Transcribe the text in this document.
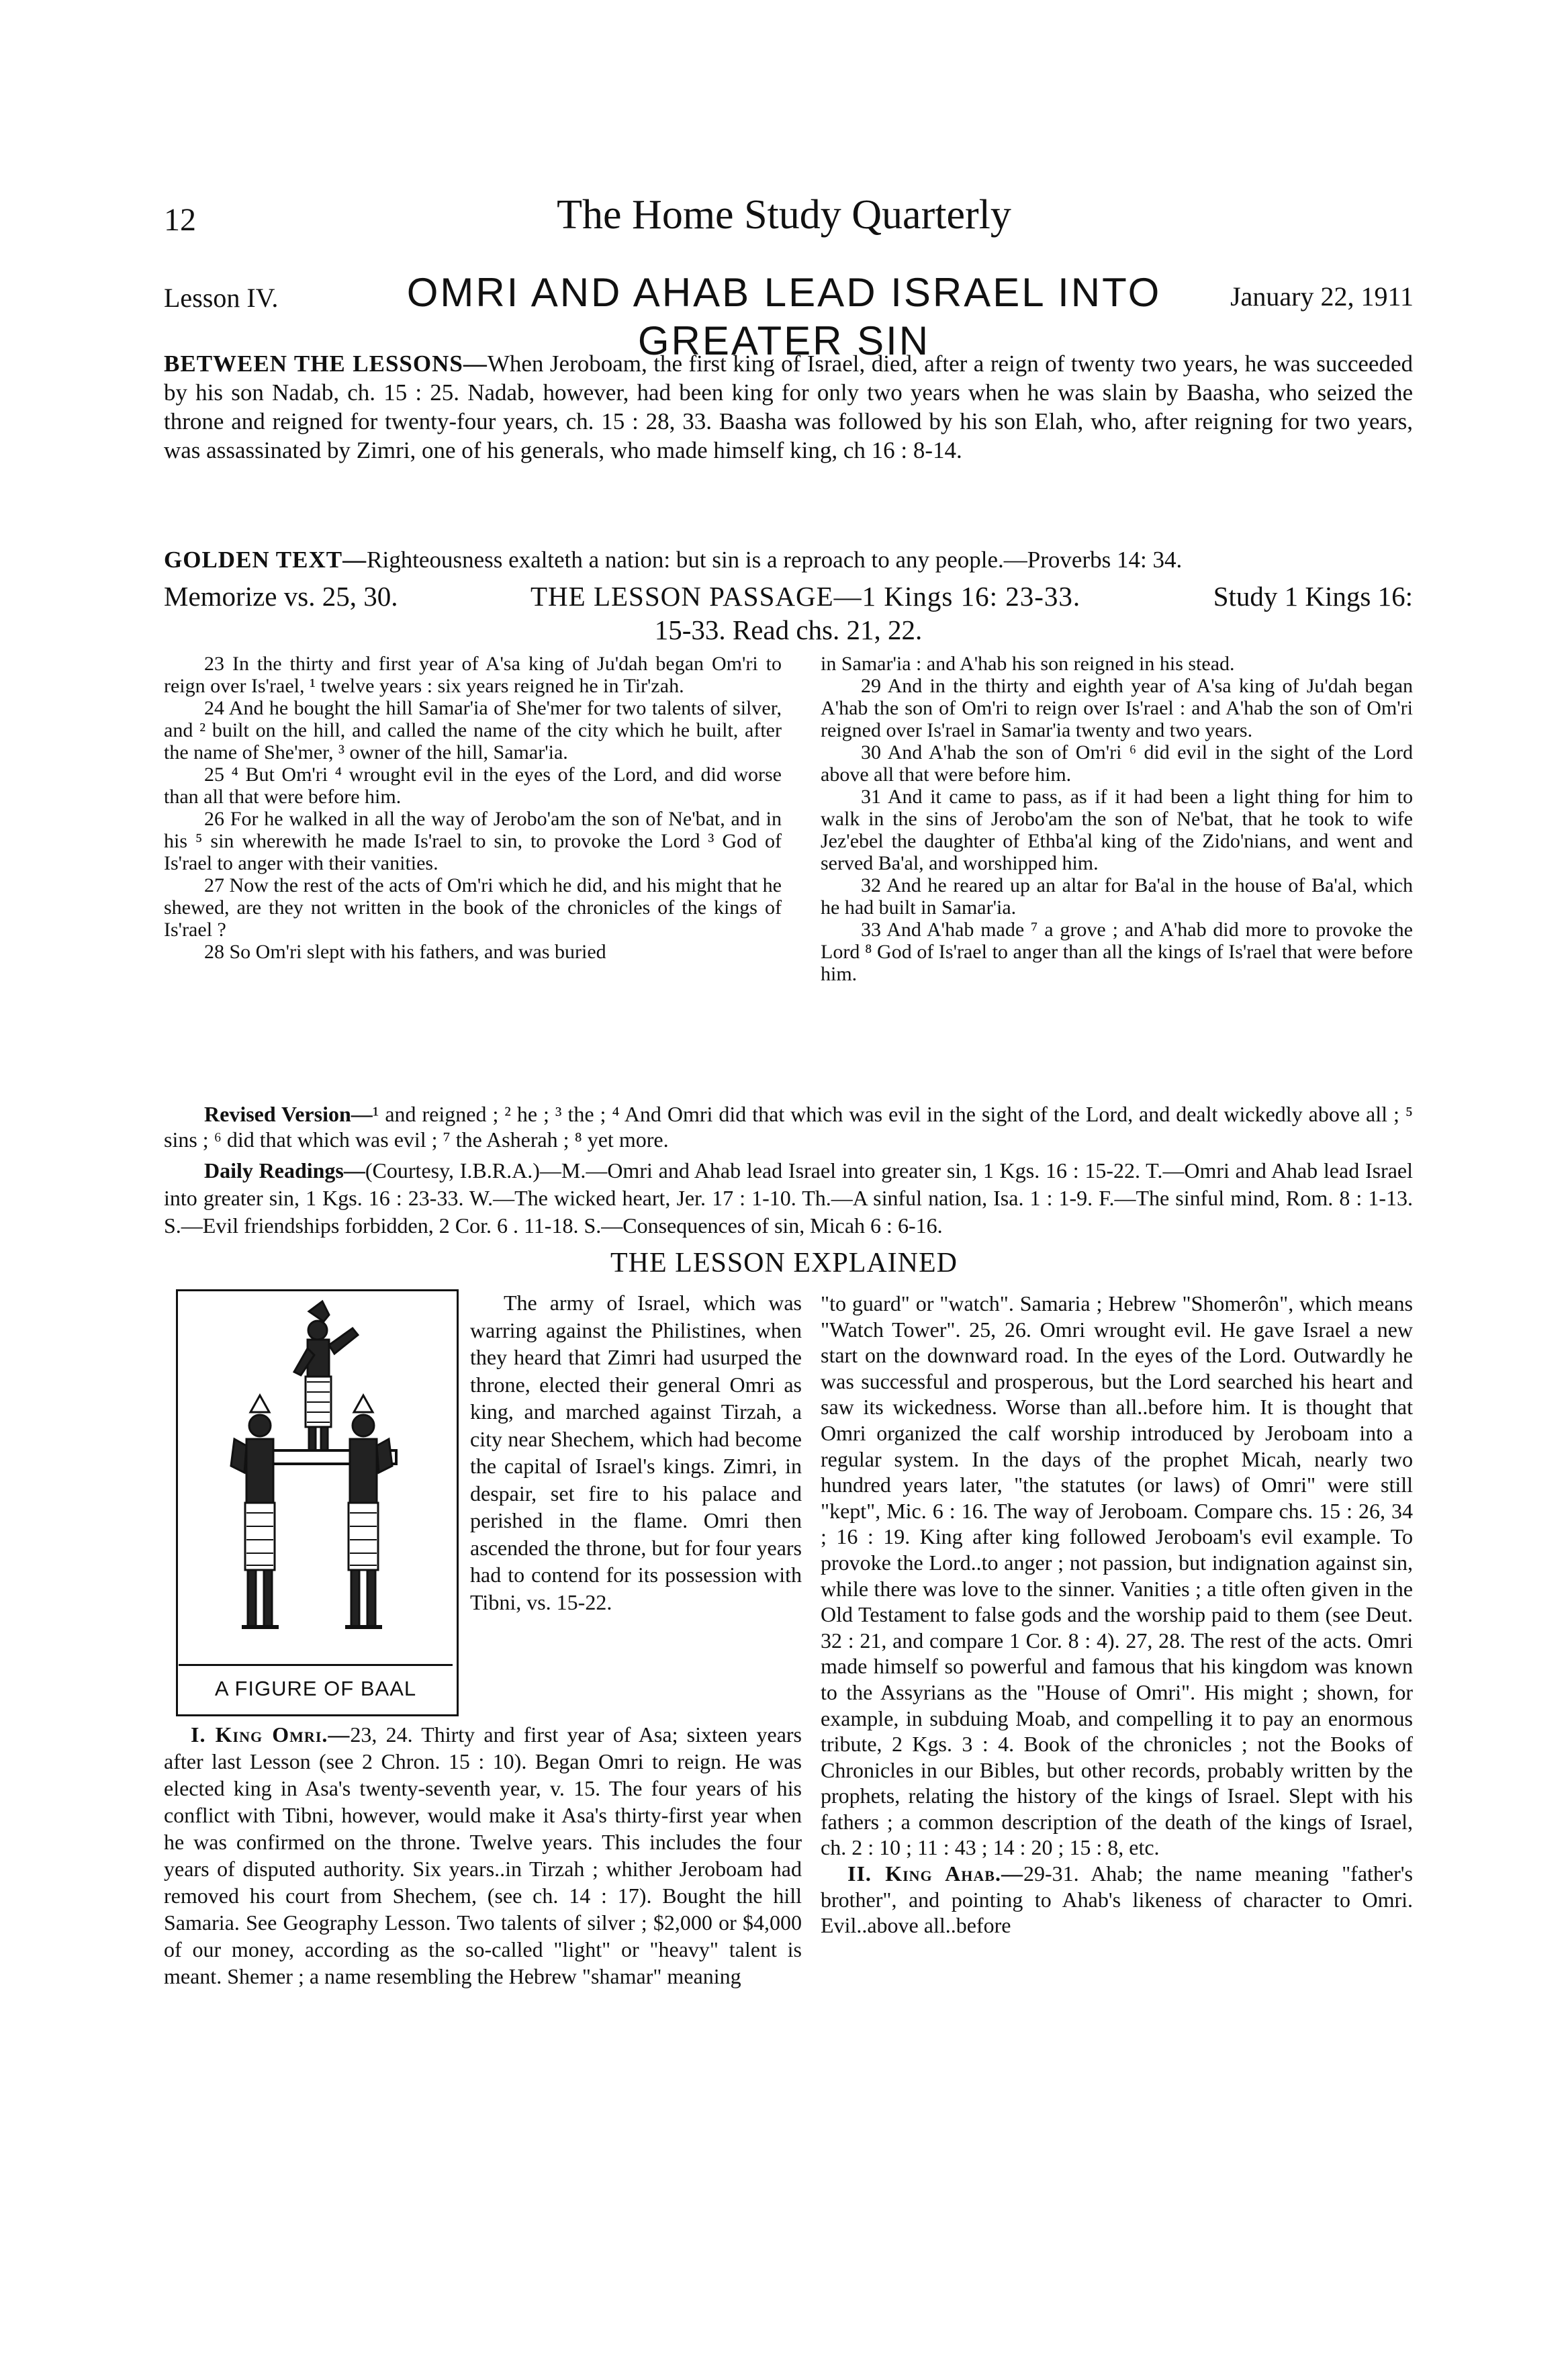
12	The Home Study Quarterly
Lesson IV.	January 22, 1911
OMRI AND AHAB LEAD ISRAEL INTO
GREATER SIN
BETWEEN THE LESSONS—When Jeroboam, the first king of Israel, died, after a reign of twenty two years, he was succeeded by his son Nadab, ch. 15 : 25. Nadab, however, had been king for only two years when he was slain by Baasha, who seized the throne and reigned for twenty-four years, ch. 15 : 28, 33. Baasha was followed by his son Elah, who, after reigning for two years, was assassinated by Zimri, one of his generals, who made himself king, ch 16 : 8-14.
GOLDEN TEXT—Righteousness exalteth a nation: but sin is a reproach to any people.—Proverbs 14: 34.
Memorize vs. 25, 30.	THE LESSON PASSAGE—1 Kings 16: 23-33.	Study 1 Kings 16:
15-33. Read chs. 21, 22.

23 In the thirty and first year of A'sa king of Ju'dah began Om'ri to reign over Is'rael, ¹ twelve years : six years reigned he in Tir'zah.

24 And he bought the hill Samar'ia of She'mer for two talents of silver, and ² built on the hill, and called the name of the city which he built, after the name of She'mer, ³ owner of the hill, Samar'ia.

25 ⁴ But Om'ri ⁴ wrought evil in the eyes of the Lord, and did worse than all that were before him.

26 For he walked in all the way of Jerobo'am the son of Ne'bat, and in his ⁵ sin wherewith he made Is'rael to sin, to provoke the Lord ³ God of Is'rael to anger with their vanities.

27 Now the rest of the acts of Om'ri which he did, and his might that he shewed, are they not written in the book of the chronicles of the kings of Is'rael ?

28 So Om'ri slept with his fathers, and was buried

in Samar'ia : and A'hab his son reigned in his stead.

29 And in the thirty and eighth year of A'sa king of Ju'dah began A'hab the son of Om'ri to reign over Is'rael : and A'hab the son of Om'ri reigned over Is'rael in Samar'ia twenty and two years.

30 And A'hab the son of Om'ri ⁶ did evil in the sight of the Lord above all that were before him.

31 And it came to pass, as if it had been a light thing for him to walk in the sins of Jerobo'am the son of Ne'bat, that he took to wife Jez'ebel the daughter of Ethba'al king of the Zido'nians, and went and served Ba'al, and worshipped him.

32 And he reared up an altar for Ba'al in the house of Ba'al, which he had built in Samar'ia.

33 And A'hab made ⁷ a grove ; and A'hab did more to provoke the Lord ⁸ God of Is'rael to anger than all the kings of Is'rael that were before him.

Revised Version—¹ and reigned ; ² he ; ³ the ; ⁴ And Omri did that which was evil in the sight of the Lord, and dealt wickedly above all ; ⁵ sins ; ⁶ did that which was evil ; ⁷ the Asherah ; ⁸ yet more.
Daily Readings—(Courtesy, I.B.R.A.)—M.—Omri and Ahab lead Israel into greater sin, 1 Kgs. 16 : 15-22. T.—Omri and Ahab lead Israel into greater sin, 1 Kgs. 16 : 23-33. W.—The wicked heart, Jer. 17 : 1-10. Th.—A sinful nation, Isa. 1 : 1-9. F.—The sinful mind, Rom. 8 : 1-13. S.—Evil friendships forbidden, 2 Cor. 6 . 11-18. S.—Consequences of sin, Micah 6 : 6-16.
THE LESSON EXPLAINED
A FIGURE OF BAAL
The army of Israel, which was warring against the Philistines, when they heard that Zimri had usurped the throne, elected their general Omri as king, and marched against Tirzah, a city near Shechem, which had become the capital of Israel's kings. Zimri, in despair, set fire to his palace and perished in the flame. Omri then ascended the throne, but for four years had to contend for its possession with Tibni, vs. 15-22.
I. King Omri.—23, 24. Thirty and first year of Asa; sixteen years after last Lesson (see 2 Chron. 15 : 10). Began Omri to reign. He was elected king in Asa's twenty-seventh year, v. 15. The four years of his conflict with Tibni, however, would make it Asa's thirty-first year when he was confirmed on the throne. Twelve years. This includes the four years of disputed authority. Six years..in Tirzah ; whither Jeroboam had removed his court from Shechem, (see ch. 14 : 17). Bought the hill Samaria. See Geography Lesson. Two talents of silver ; $2,000 or $4,000 of our money, according as the so-called "light" or "heavy" talent is meant. Shemer ; a name resembling the Hebrew "shamar" meaning

"to guard" or "watch". Samaria ; Hebrew "Shomerôn", which means "Watch Tower". 25, 26. Omri wrought evil. He gave Israel a new start on the downward road. In the eyes of the Lord. Outwardly he was successful and prosperous, but the Lord searched his heart and saw its wickedness. Worse than all..before him. It is thought that Omri organized the calf worship introduced by Jeroboam into a regular system. In the days of the prophet Micah, nearly two hundred years later, "the statutes (or laws) of Omri" were still "kept", Mic. 6 : 16. The way of Jeroboam. Compare chs. 15 : 26, 34 ; 16 : 19. King after king followed Jeroboam's evil example. To provoke the Lord..to anger ; not passion, but indignation against sin, while there was love to the sinner. Vanities ; a title often given in the Old Testament to false gods and the worship paid to them (see Deut. 32 : 21, and compare 1 Cor. 8 : 4). 27, 28. The rest of the acts. Omri made himself so powerful and famous that his kingdom was known to the Assyrians as the "House of Omri". His might ; shown, for example, in subduing Moab, and compelling it to pay an enormous tribute, 2 Kgs. 3 : 4. Book of the chronicles ; not the Books of Chronicles in our Bibles, but other records, probably written by the prophets, relating the history of the kings of Israel. Slept with his fathers ; a common description of the death of the kings of Israel, ch. 2 : 10 ; 11 : 43 ; 14 : 20 ; 15 : 8, etc.

II. King Ahab.—29-31. Ahab; the name meaning "father's brother", and pointing to Ahab's likeness of character to Omri. Evil..above all..before
